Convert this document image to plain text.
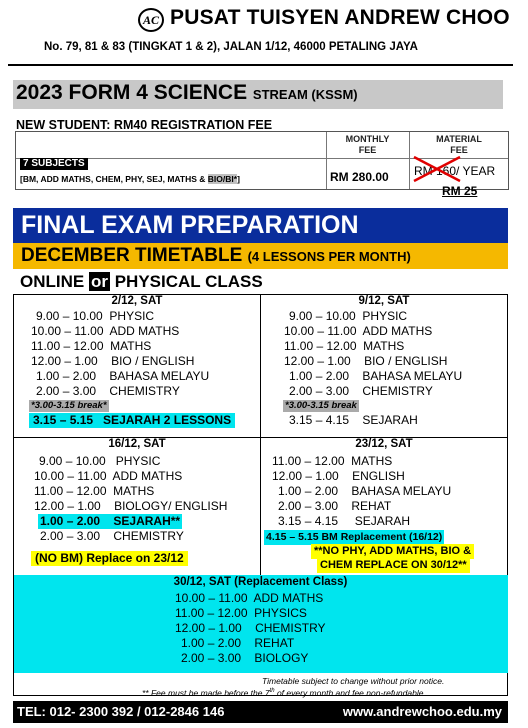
AC PUSAT TUISYEN ANDREW CHOO
No. 79, 81 & 83 (TINGKAT 1 & 2), JALAN 1/12, 46000 PETALING JAYA
2023 FORM 4 SCIENCE STREAM (KSSM)
NEW STUDENT: RM40 REGISTRATION FEE
MONTHLY
FEE
MATERIAL
FEE
7 SUBJECTS
[BM, ADD MATHS, CHEM, PHY, SEJ, MATHS & BIO/BI*]	RM 280.00 RM 160/ YEAR
RM 25
FINAL EXAM PREPARATION
DECEMBER TIMETABLE (4 LESSONS PER MONTH)
ONLINE or PHYSICAL CLASS
2/12, SAT
9.00 – 10.00  PHYSIC
10.00 – 11.00  ADD MATHS
11.00 – 12.00  MATHS
12.00 – 1.00    BIO / ENGLISH
1.00 – 2.00    BAHASA MELAYU
2.00 – 3.00    CHEMISTRY
*3.00-3.15 break*
3.15 – 5.15   SEJARAH 2 LESSONS
9/12, SAT
9.00 – 10.00  PHYSIC
10.00 – 11.00  ADD MATHS
11.00 – 12.00  MATHS
12.00 – 1.00    BIO / ENGLISH
1.00 – 2.00    BAHASA MELAYU
2.00 – 3.00    CHEMISTRY
*3.00-3.15 break
3.15 – 4.15    SEJARAH
16/12, SAT
9.00 – 10.00   PHYSIC
10.00 – 11.00  ADD MATHS
11.00 – 12.00  MATHS
12.00 – 1.00    BIOLOGY/ ENGLISH
1.00 – 2.00    SEJARAH**
2.00 – 3.00    CHEMISTRY
(NO BM) Replace on 23/12
23/12, SAT
11.00 – 12.00  MATHS
12.00 – 1.00    ENGLISH
1.00 – 2.00    BAHASA MELAYU
2.00 – 3.00    REHAT
3.15 – 4.15     SEJARAH
4.15 – 5.15 BM Replacement (16/12)
**NO PHY, ADD MATHS, BIO &
CHEM REPLACE ON 30/12**
30/12, SAT (Replacement Class)
10.00 – 11.00  ADD MATHS
11.00 – 12.00  PHYSICS
12.00 – 1.00    CHEMISTRY
1.00 – 2.00    REHAT
2.00 – 3.00    BIOLOGY
Timetable subject to change without prior notice.
** Fee must be made before the 7th of every month and fee non-refundable
TEL: 012- 2300 392 / 012-2846 146	www.andrewchoo.edu.my
